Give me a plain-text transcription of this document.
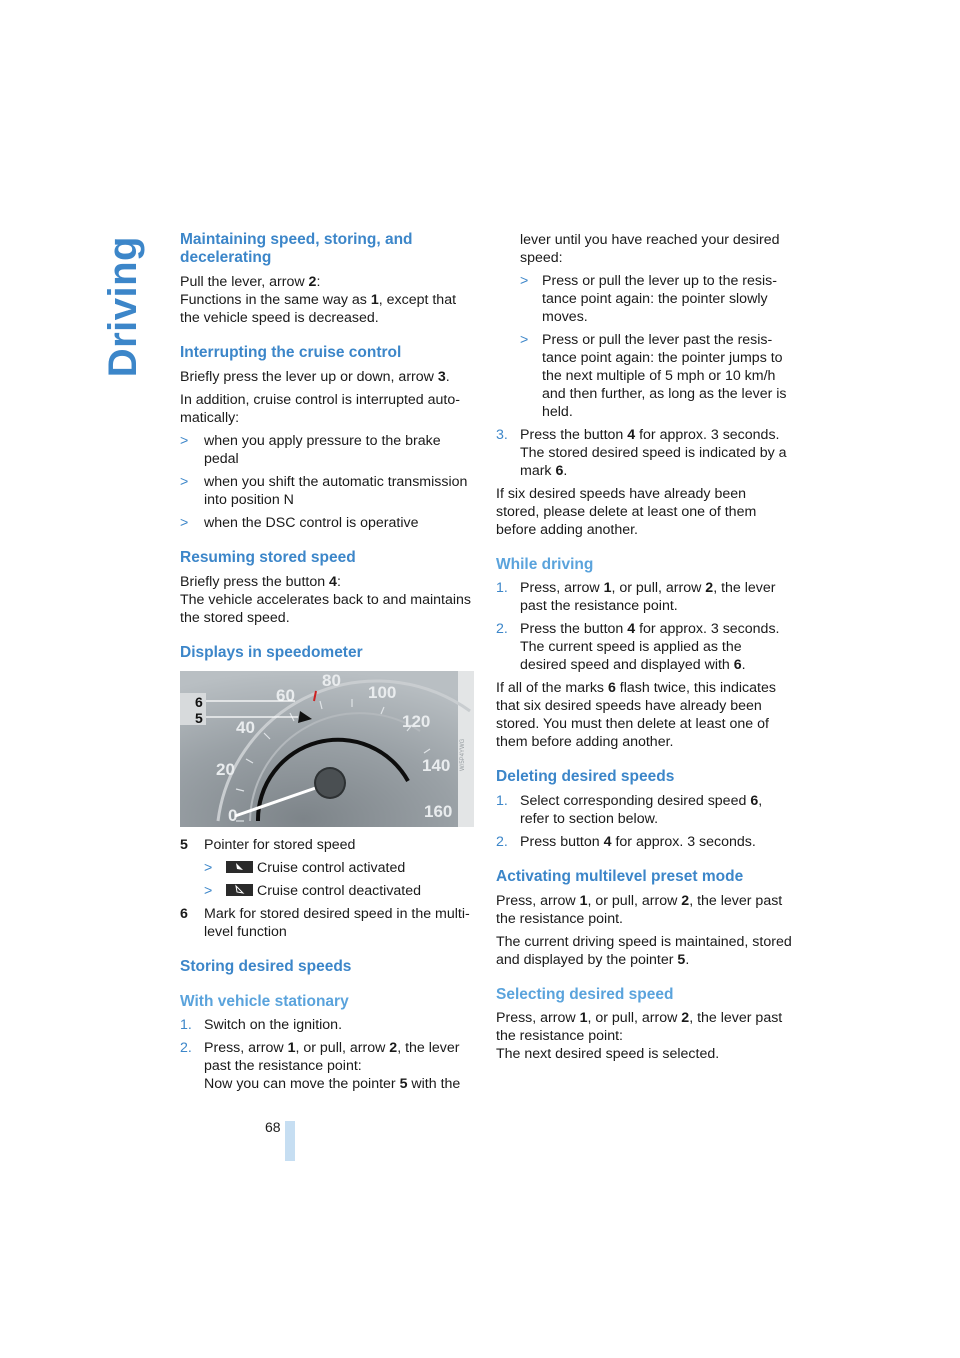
Driving Maintaining speed, storing, and decelerating

Pull the lever, arrow 2:
Functions in the same way as 1, except that the vehicle speed is decreased.

Interrupting the cruise control

Briefly press the lever up or down, arrow 3.

In addition, cruise control is interrupted auto-matically:

> when you apply pressure to the brake pedal
> when you shift the automatic transmission into position N
> when the DSC control is operative
Resuming stored speed

Briefly press the button 4:
The vehicle accelerates back to and maintains the stored speed.

Displays in speedometer
0
20
40
60
80
100
120
140
160
6
5
W/5P4YWG
5 Pointer for stored speed
>	Cruise control activated
>	Cruise control deactivated
6 Mark for stored desired speed in the multi-level function
Storing desired speeds
With vehicle stationary
1. Switch on the ignition.
2. Press, arrow 1, or pull, arrow 2, the lever past the resistance point:
Now you can move the pointer 5 with the

lever until you have reached your desired speed:

> Press or pull the lever up to the resis-tance point again: the pointer slowly moves.
> Press or pull the lever past the resis-tance point again: the pointer jumps to the next multiple of 5 mph or 10 km/h and then further, as long as the lever is held.
3. Press the button 4 for approx. 3 seconds.
The stored desired speed is indicated by a mark 6.

If six desired speeds have already been stored, please delete at least one of them before adding another.

While driving
1. Press, arrow 1, or pull, arrow 2, the lever past the resistance point.
2. Press the button 4 for approx. 3 seconds.
The current speed is applied as the desired speed and displayed with 6.

If all of the marks 6 flash twice, this indicates that six desired speeds have already been stored. You must then delete at least one of them before adding another.

Deleting desired speeds
1. Select corresponding desired speed 6, refer to section below.
2. Press button 4 for approx. 3 seconds.
Activating multilevel preset mode

Press, arrow 1, or pull, arrow 2, the lever past the resistance point.

The current driving speed is maintained, stored and displayed by the pointer 5.

Selecting desired speed

Press, arrow 1, or pull, arrow 2, the lever past the resistance point:
The next desired speed is selected.

68
